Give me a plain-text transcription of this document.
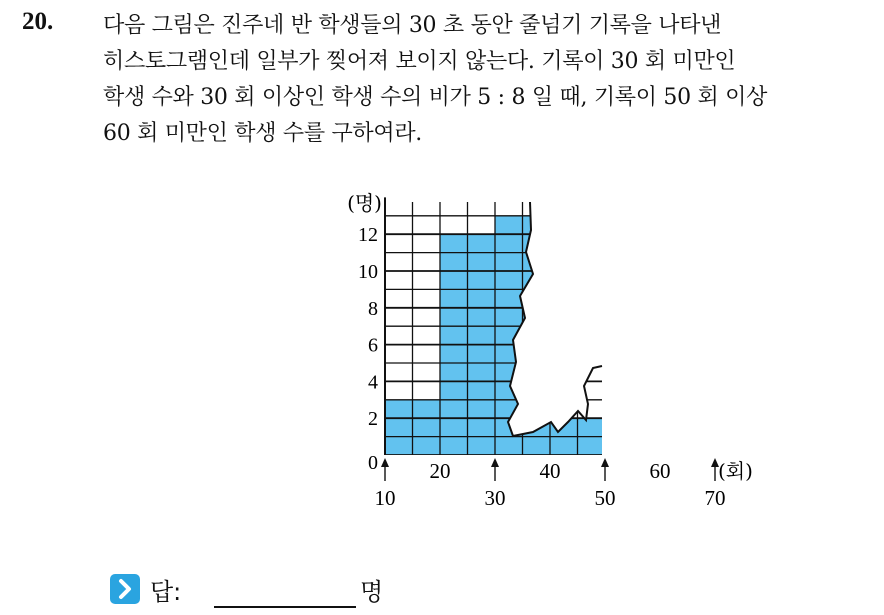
20. 다음 그림은 진주네 반 학생들의 30 초 동안 줄넘기 기록을 나타낸
히스토그램인데 일부가 찢어져 보이지 않는다. 기록이 30 회 미만인
학생 수와 30 회 이상인 학생 수의 비가 5 : 8 일 때, 기록이 50 회 이상
60 회 미만인 학생 수를 구하여라.
(명)
2
4
6
8
10
12
0 20	40	60 (회)
10	30	50	70
답:	명
